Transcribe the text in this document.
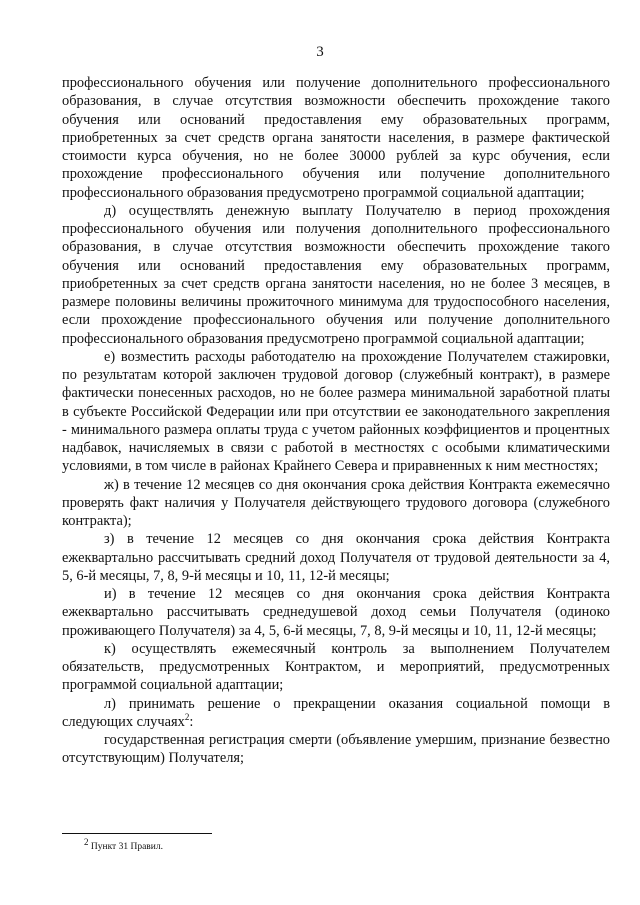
3

профессионального обучения или получение дополнительного профессионального образования, в случае отсутствия возможности обеспечить прохождение такого обучения или оснований предоставления ему образовательных программ, приобретенных за счет средств органа занятости населения, в размере фактической стоимости курса обучения, но не более 30000 рублей за курс обучения, если прохождение профессионального обучения или получение дополнительного профессионального образования предусмотрено программой социальной адаптации;

д) осуществлять денежную выплату Получателю в период прохождения профессионального обучения или получения дополнительного профессионального образования, в случае отсутствия возможности обеспечить прохождение такого обучения или оснований предоставления ему образовательных программ, приобретенных за счет средств органа занятости населения, но не более 3 месяцев, в размере половины величины прожиточного минимума для трудоспособного населения, если прохождение профессионального обучения или получение дополнительного профессионального образования предусмотрено программой социальной адаптации;

е) возместить расходы работодателю на прохождение Получателем стажировки, по результатам которой заключен трудовой договор (служебный контракт), в размере фактически понесенных расходов, но не более размера минимальной заработной платы в субъекте Российской Федерации или при отсутствии ее законодательного закрепления - минимального размера оплаты труда с учетом районных коэффициентов и процентных надбавок, начисляемых в связи с работой в местностях с особыми климатическими условиями, в том числе в районах Крайнего Севера и приравненных к ним местностях;

ж) в течение 12 месяцев со дня окончания срока действия Контракта ежемесячно проверять факт наличия у Получателя действующего трудового договора (служебного контракта);

з) в течение 12 месяцев со дня окончания срока действия Контракта ежеквартально рассчитывать средний доход Получателя от трудовой деятельности за 4, 5, 6-й месяцы, 7, 8, 9-й месяцы и 10, 11, 12-й месяцы;

и) в течение 12 месяцев со дня окончания срока действия Контракта ежеквартально рассчитывать среднедушевой доход семьи Получателя (одиноко проживающего Получателя) за 4, 5, 6-й месяцы, 7, 8, 9-й месяцы и 10, 11, 12-й месяцы;

к) осуществлять ежемесячный контроль за выполнением Получателем обязательств, предусмотренных Контрактом, и мероприятий, предусмотренных программой социальной адаптации;

л) принимать решение о прекращении оказания социальной помощи в следующих случаях$^2$:

государственная регистрация смерти (объявление умершим, признание безвестно отсутствующим) Получателя;

$^2$ Пункт 31 Правил.
